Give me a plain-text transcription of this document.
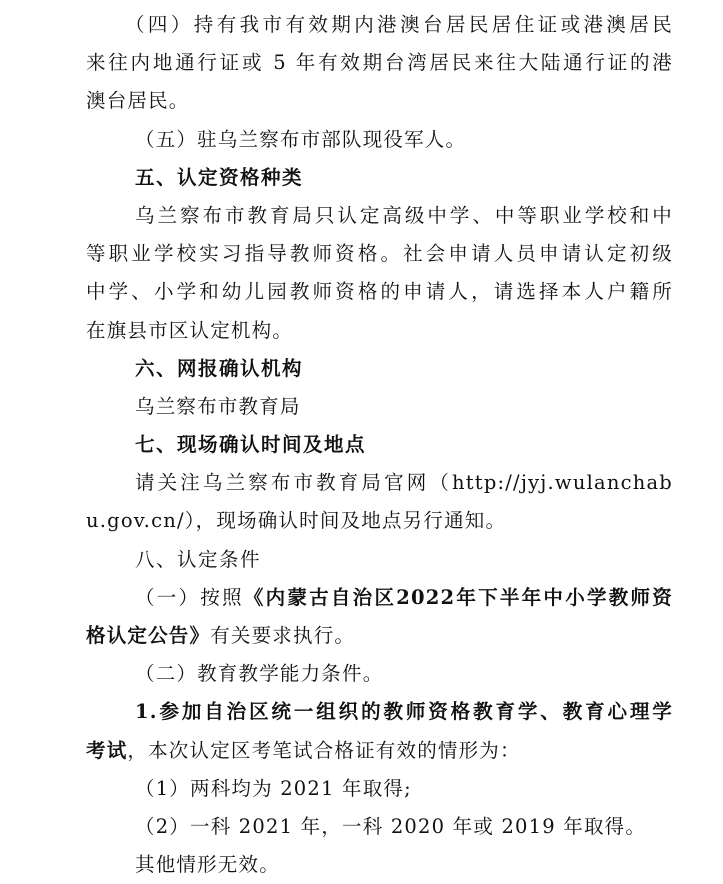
（四）持有我市有效期内港澳台居民居住证或港澳居民
来往内地通行证或 5 年有效期台湾居民来往大陆通行证的港
澳台居民。
（五）驻乌兰察布市部队现役军人。
五、认定资格种类
乌兰察布市教育局只认定高级中学、中等职业学校和中
等职业学校实习指导教师资格。社会申请人员申请认定初级
中学、小学和幼儿园教师资格的申请人，请选择本人户籍所
在旗县市区认定机构。
六、网报确认机构
乌兰察布市教育局
七、现场确认时间及地点
请关注乌兰察布市教育局官网（http://jyj.wulanchab
u.gov.cn/），现场确认时间及地点另行通知。
八、认定条件
（一）按照《内蒙古自治区2022年下半年中小学教师资
格认定公告》有关要求执行。
（二）教育教学能力条件。
1.参加自治区统一组织的教师资格教育学、教育心理学
考试，本次认定区考笔试合格证有效的情形为：
（1）两科均为 2021 年取得;
（2）一科 2021 年，一科 2020 年或 2019 年取得。
其他情形无效。
